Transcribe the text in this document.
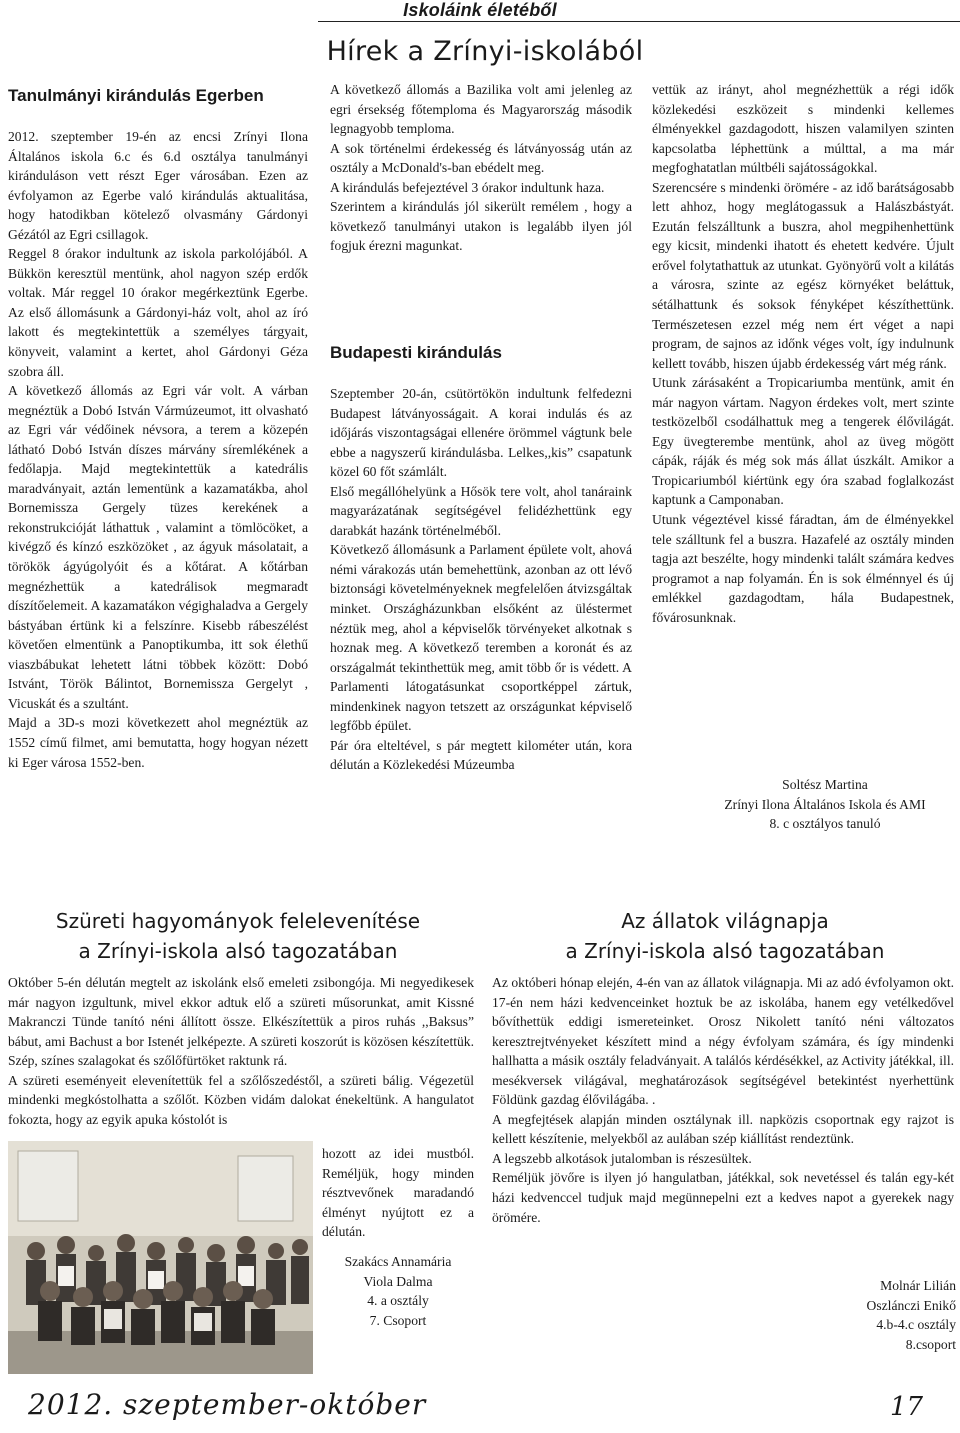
Iskoláink életéből
Hírek a Zrínyi-iskolából
Tanulmányi kirándulás Egerben

2012. szeptember 19-én az encsi Zrínyi Ilona Általános iskola 6.c és 6.d osztálya tanulmányi kiránduláson vett részt Eger városában. Ezen az évfolyamon az Egerbe való kirándulás aktualitása, hogy hatodikban kötelező olvasmány Gárdonyi Gézától az Egri csillagok.

Reggel 8 órakor indultunk az iskola parkolójából. A Bükkön keresztül mentünk, ahol nagyon szép erdők voltak. Már reggel 10 órakor megérkeztünk Egerbe. Az első állomásunk a Gárdonyi-ház volt, ahol az író lakott és megtekintettük a személyes tárgyait, könyveit, valamint a kertet, ahol Gárdonyi Géza szobra áll.

A következő állomás az Egri vár volt. A várban megnéztük a Dobó István Vármúzeumot, itt olvasható az Egri vár védőinek névsora, a terem a közepén látható Dobó István díszes márvány síremlékének a fedőlapja. Majd megtekintettük a katedrális maradványait, aztán lementünk a kazamatákba, ahol Bornemissza Gergely tüzes kerekének a rekonstrukcióját láthattuk , valamint a tömlöcöket, a kivégző és kínzó eszközöket , az ágyuk másolatait, a törökök ágyúgolyóit és a kőtárat. A kőtárban megnézhettük a katedrálisok megmaradt díszítőelemeit. A kazamatákon végighaladva a Gergely bástyában értünk ki a felszínre. Kisebb rábeszélést követően elmentünk a Panoptikumba, itt sok élethű viaszbábukat lehetett látni többek között: Dobó Istvánt, Török Bálintot, Bornemissza Gergelyt , Vicuskát és a szultánt.

Majd a 3D-s mozi következett ahol megnéztük az 1552 című filmet, ami bemutatta, hogy hogyan nézett ki Eger városa 1552-ben.

A következő állomás a Bazilika volt ami jelenleg az egri érsekség főtemploma és Magyarország második legnagyobb temploma.

A sok történelmi érdekesség és látványosság után az osztály a McDonald's-ban ebédelt meg.

A kirándulás befejeztével 3 órakor indultunk haza.

Szerintem a kirándulás jól sikerült remélem , hogy a következő tanulmányi utakon is legalább ilyen jól fogjuk érezni magunkat.

Budapesti kirándulás

Szeptember 20-án, csütörtökön indultunk felfedezni Budapest látványosságait. A korai indulás és az időjárás viszontagságai ellenére örömmel vágtunk bele ebbe a nagyszerű kirándulásba. Lelkes,,kis” csapatunk közel 60 főt számlált.

Első megállóhelyünk a Hősök tere volt, ahol tanáraink magyarázatának segítségével felidézhettünk egy darabkát hazánk történelméből.

Következő állomásunk a Parlament épülete volt, ahová némi várakozás után bemehettünk, azonban az ott lévő biztonsági követelményeknek megfelelően átvizsgáltak minket. Országházunkban elsőként az üléstermet néztük meg, ahol a képviselők törvényeket alkotnak s hoznak meg. A következő teremben a koronát és az országalmát tekinthettük meg, amit több őr is védett. A Parlamenti látogatásunkat csoportképpel zártuk, mindenkinek nagyon tetszett az országunkat képviselő legfőbb épület.

Pár óra elteltével, s pár megtett kilométer után, kora délután a Közlekedési Múzeumba

vettük az irányt, ahol megnézhettük a régi idők közlekedési eszközeit s mindenki kellemes élményekkel gazdagodott, hiszen valamilyen szinten kapcsolatba léphettünk a múlttal, a ma már megfoghatatlan múltbéli sajátosságokkal.

Szerencsére s mindenki örömére - az idő barátságosabb lett ahhoz, hogy meglátogassuk a Halászbástyát. Ezután felszálltunk a buszra, ahol megpihenhettünk egy kicsit, mindenki ihatott és ehetett kedvére. Újult erővel folytathattuk az utunkat. Gyönyörű volt a kilátás a városra, szinte az egész környéket beláttuk, sétálhattunk és soksok fényképet készíthettünk. Természetesen ezzel még nem ért véget a napi program, de sajnos az időnk véges volt, így indulnunk kellett tovább, hiszen újabb érdekesség várt még ránk.

Utunk zárásaként a Tropicariumba mentünk, amit én már nagyon vártam. Nagyon érdekes volt, mert szinte testközelből csodálhattuk meg a tengerek élővilágát. Egy üvegterembe mentünk, ahol az üveg mögött cápák, ráják és még sok más állat úszkált. Amikor a Tropicariumból kiértünk egy óra szabad foglalkozást kaptunk a Camponaban.

Utunk végeztével kissé fáradtan, ám de élményekkel tele szálltunk fel a buszra. Hazafelé az osztály minden tagja azt beszélte, hogy mindenki talált számára kedves programot a nap folyamán. Én is sok élménnyel és új emlékkel gazdagodtam, hála Budapestnek, fővárosunknak.

Soltész Martina
Zrínyi Ilona Általános Iskola és AMI
8. c osztályos tanuló
Szüreti hagyományok felelevenítése
a Zrínyi-iskola alsó tagozatában

Október 5-én délután megtelt az iskolánk első emeleti zsibongója. Mi negyedikesek már nagyon izgultunk, mivel ekkor adtuk elő a szüreti műsorunkat, amit Kissné Makranczi Tünde tanító néni állított össze. Elkészítettük a piros ruhás ,,Baksus” bábut, ami Bachust a bor Istenét jelképezte. A szüreti koszorút is közösen készítettük. Szép, színes szalagokat és szőlőfürtöket raktunk rá.

A szüreti eseményeit elevenítettük fel a szőlőszedéstől, a szüreti bálig. Végezetül mindenki megkóstolhatta a szőlőt. Közben vidám dalokat énekeltünk. A hangulatot fokozta, hogy az egyik apuka kóstolót is

hozott az idei mustból. Reméljük, hogy minden résztvevőnek maradandó élményt nyújtott ez a délután.

Szakács Annamária
Viola Dalma
4. a osztály
7. Csoport
Az állatok világnapja
a Zrínyi-iskola alsó tagozatában

Az októberi hónap elején, 4-én van az állatok világnapja. Mi az adó évfolyamon okt. 17-én nem házi kedvenceinket hoztuk be az iskolába, hanem egy vetélkedővel bővíthettük eddigi ismereteinket. Orosz Nikolett tanító néni változatos keresztrejtvényeket készített mind a négy évfolyam számára, és így mindenki hallhatta a másik osztály feladványait. A találós kérdésékkel, az Activity játékkal, ill. mesékversek világával, meghatározások segítségével betekintést nyerhettünk Földünk gazdag élővilágába. .

A megfejtések alapján minden osztálynak ill. napközis csoportnak egy rajzot is kellett készítenie, melyekből az aulában szép kiállítást rendeztünk.

A legszebb alkotások jutalomban is részesültek.

Reméljük jövőre is ilyen jó hangulatban, játékkal, sok nevetéssel és talán egy-két házi kedvenccel tudjuk majd megünnepelni ezt a kedves napot a gyerekek nagy örömére.

Molnár Lilián
Oszlánczi Enikő
4.b-4.c osztály
8.csoport
2012. szeptember-október	17
